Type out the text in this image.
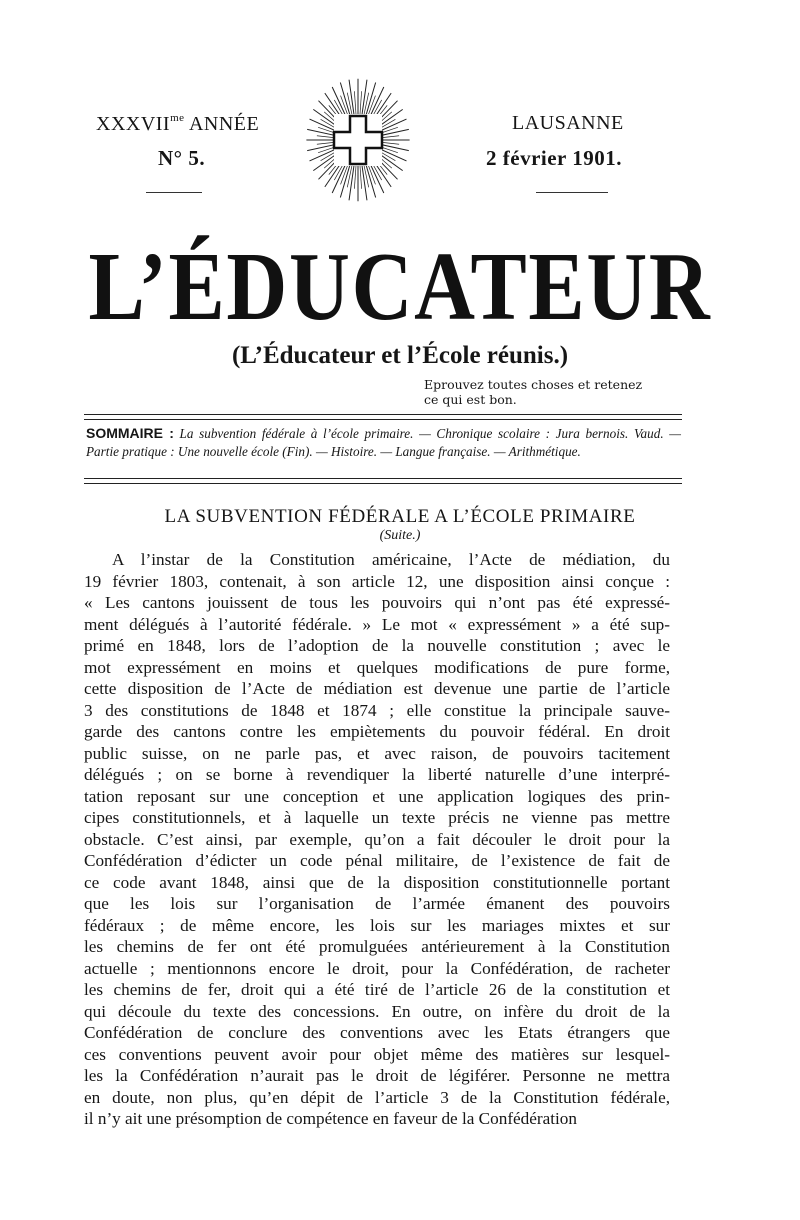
$XXXVII^{me}$ ANNÉE
N° 5.
LAUSANNE
2 février 1901.
L’ÉDUCATEUR
(L’Éducateur et l’École réunis.)
Eprouvez toutes choses et retenez
ce qui est bon.
SOMMAIRE : La subvention fédérale à l’école primaire. — Chronique scolaire : Jura bernois. Vaud. — Partie pratique : Une nouvelle école (Fin). — Histoire. — Langue française. — Arithmétique.
LA SUBVENTION FÉDÉRALE A L’ÉCOLE PRIMAIRE
(Suite.)
A l’instar de la Constitution américaine, l’Acte de médiation, du
19 février 1803, contenait, à son article 12, une disposition ainsi conçue :
« Les cantons jouissent de tous les pouvoirs qui n’ont pas été expressé-
ment délégués à l’autorité fédérale. » Le mot « expressément » a été sup-
primé en 1848, lors de l’adoption de la nouvelle constitution ; avec le
mot expressément en moins et quelques modifications de pure forme,
cette disposition de l’Acte de médiation est devenue une partie de l’article
3 des constitutions de 1848 et 1874 ; elle constitue la principale sauve-
garde des cantons contre les empiètements du pouvoir fédéral. En droit
public suisse, on ne parle pas, et avec raison, de pouvoirs tacitement
délégués ; on se borne à revendiquer la liberté naturelle d’une interpré-
tation reposant sur une conception et une application logiques des prin-
cipes constitutionnels, et à laquelle un texte précis ne vienne pas mettre
obstacle. C’est ainsi, par exemple, qu’on a fait découler le droit pour la
Confédération d’édicter un code pénal militaire, de l’existence de fait de
ce code avant 1848, ainsi que de la disposition constitutionnelle portant
que les lois sur l’organisation de l’armée émanent des pouvoirs
fédéraux ; de même encore, les lois sur les mariages mixtes et sur
les chemins de fer ont été promulguées antérieurement à la Constitution
actuelle ; mentionnons encore le droit, pour la Confédération, de racheter
les chemins de fer, droit qui a été tiré de l’article 26 de la constitution et
qui découle du texte des concessions. En outre, on infère du droit de la
Confédération de conclure des conventions avec les Etats étrangers que
ces conventions peuvent avoir pour objet même des matières sur lesquel-
les la Confédération n’aurait pas le droit de légiférer. Personne ne mettra
en doute, non plus, qu’en dépit de l’article 3 de la Constitution fédérale,
il n’y ait une présomption de compétence en faveur de la Confédération
